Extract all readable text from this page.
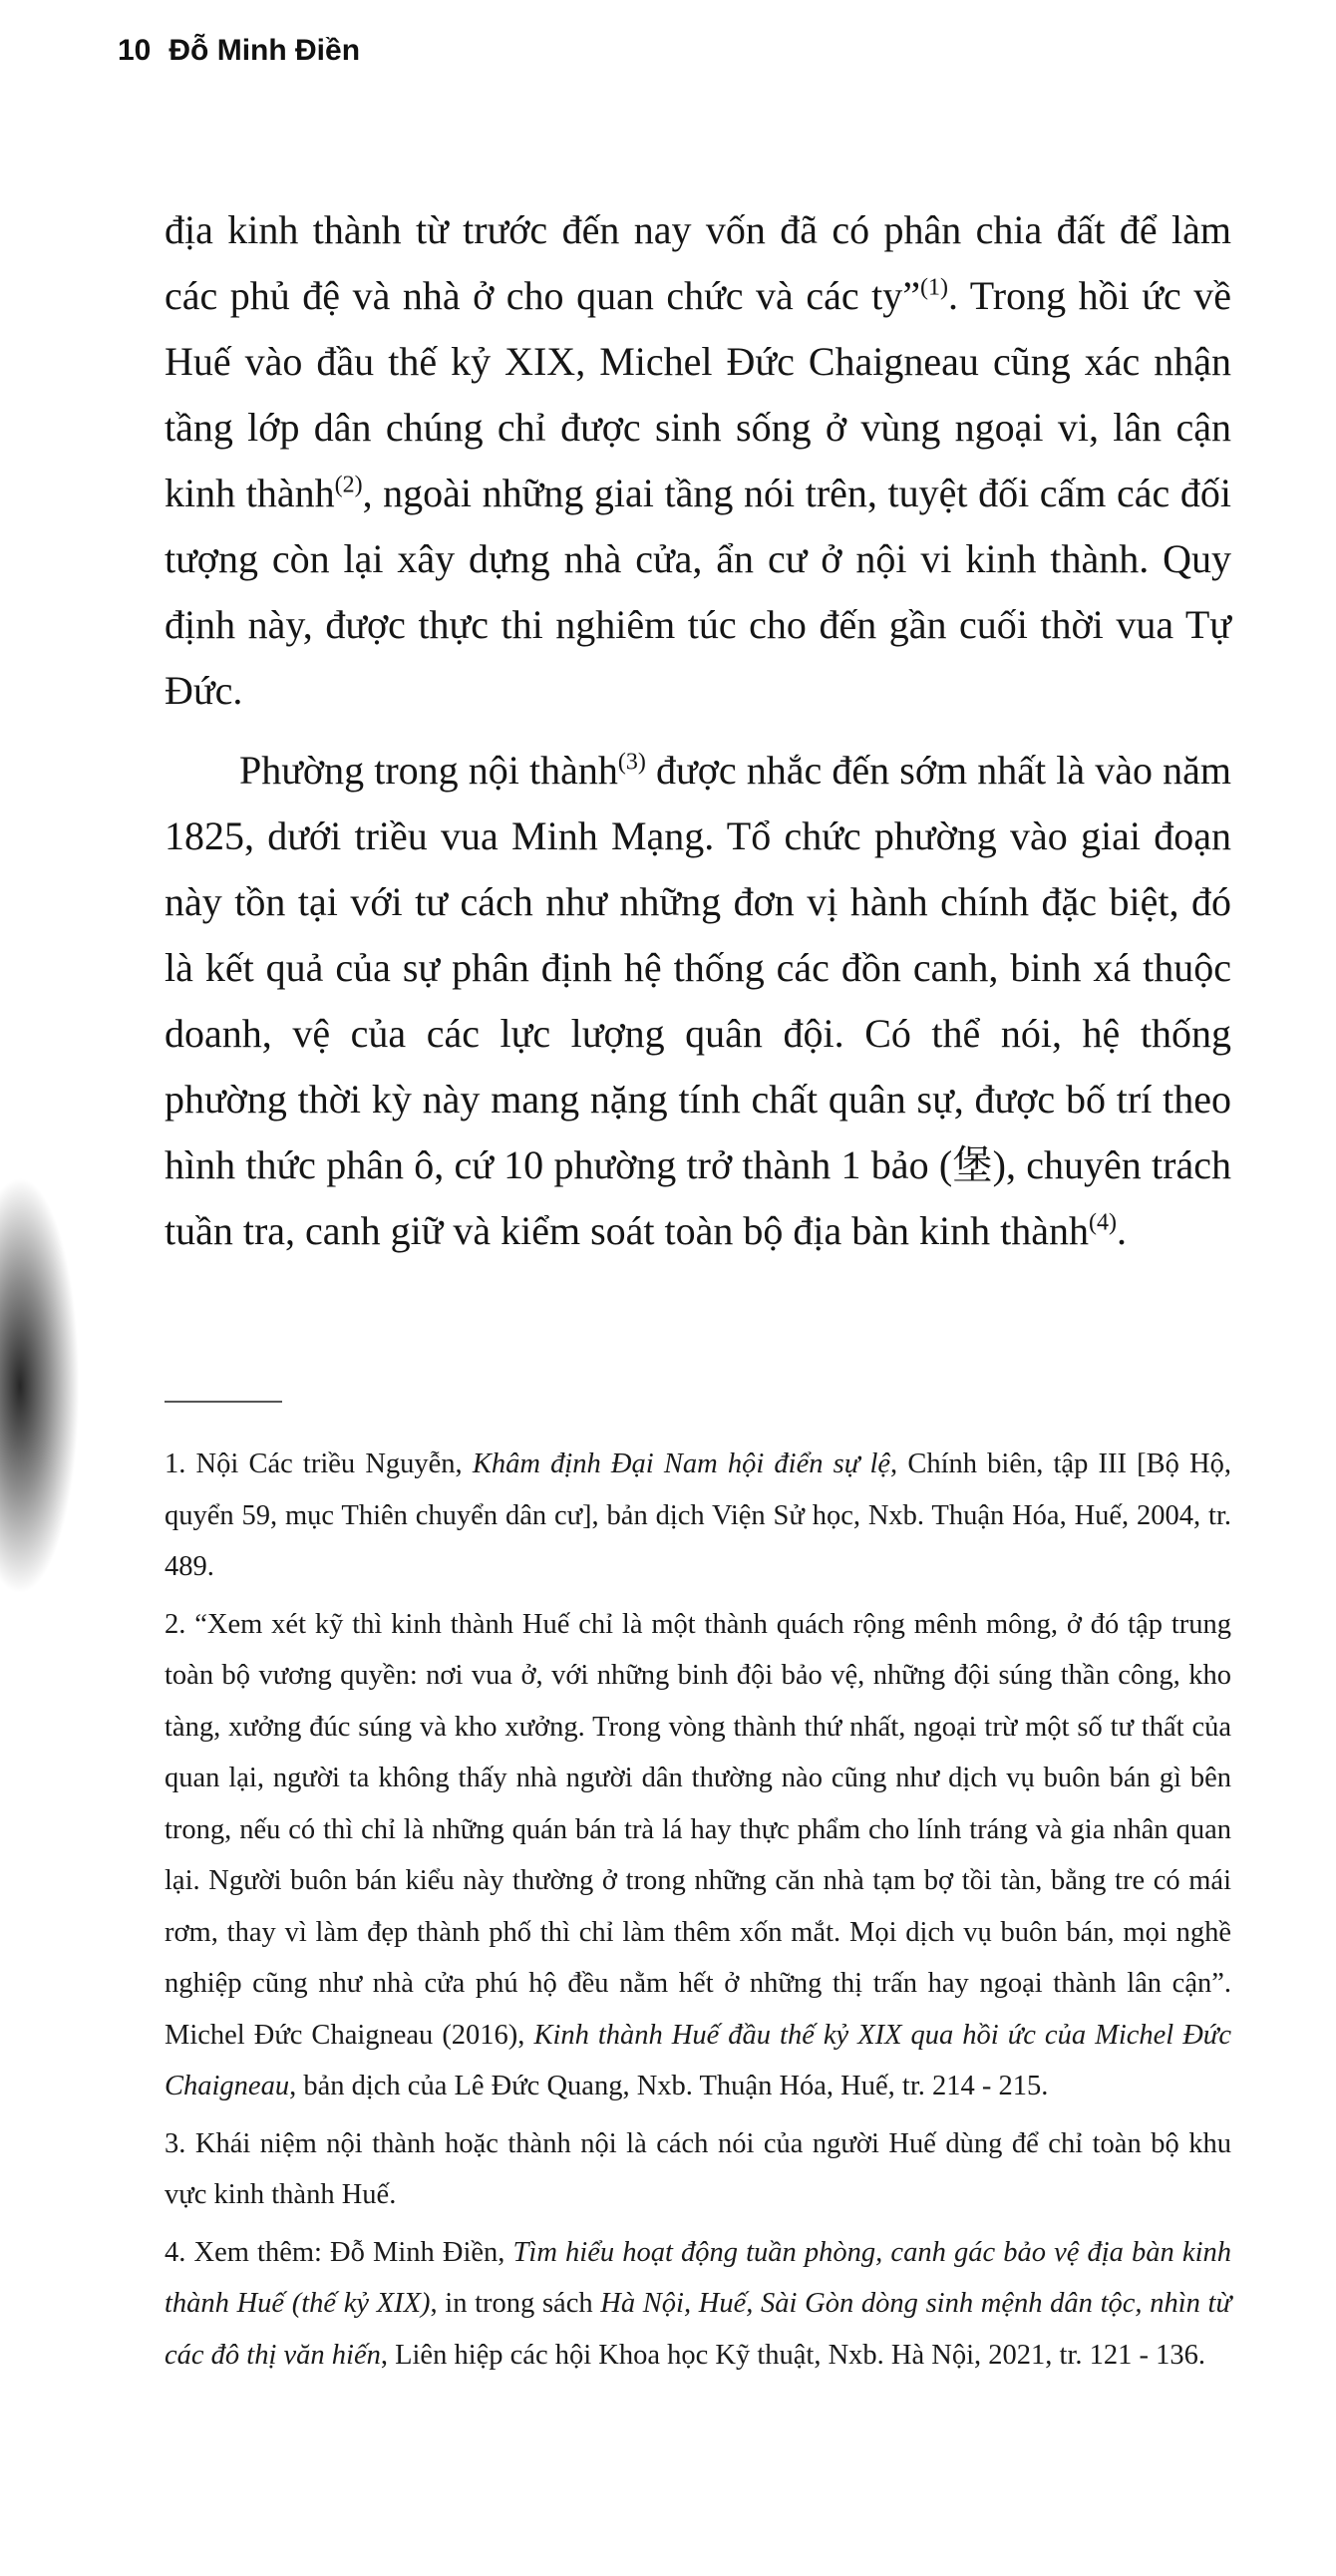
10 Đỗ Minh Điền

địa kinh thành từ trước đến nay vốn đã có phân chia đất để làm các phủ đệ và nhà ở cho quan chức và các ty”$^{(1)}$. Trong hồi ức về Huế vào đầu thế kỷ XIX, Michel Đức Chaigneau cũng xác nhận tầng lớp dân chúng chỉ được sinh sống ở vùng ngoại vi, lân cận kinh thành$^{(2)}$, ngoài những giai tầng nói trên, tuyệt đối cấm các đối tượng còn lại xây dựng nhà cửa, ẩn cư ở nội vi kinh thành. Quy định này, được thực thi nghiêm túc cho đến gần cuối thời vua Tự Đức.

Phường trong nội thành$^{(3)}$ được nhắc đến sớm nhất là vào năm 1825, dưới triều vua Minh Mạng. Tổ chức phường vào giai đoạn này tồn tại với tư cách như những đơn vị hành chính đặc biệt, đó là kết quả của sự phân định hệ thống các đồn canh, binh xá thuộc doanh, vệ của các lực lượng quân đội. Có thể nói, hệ thống phường thời kỳ này mang nặng tính chất quân sự, được bố trí theo hình thức phân ô, cứ 10 phường trở thành 1 bảo (堡), chuyên trách tuần tra, canh giữ và kiểm soát toàn bộ địa bàn kinh thành$^{(4)}$.

1. Nội Các triều Nguyễn, Khâm định Đại Nam hội điển sự lệ, Chính biên, tập III [Bộ Hộ, quyển 59, mục Thiên chuyển dân cư], bản dịch Viện Sử học, Nxb. Thuận Hóa, Huế, 2004, tr. 489.

2. “Xem xét kỹ thì kinh thành Huế chỉ là một thành quách rộng mênh mông, ở đó tập trung toàn bộ vương quyền: nơi vua ở, với những binh đội bảo vệ, những đội súng thần công, kho tàng, xưởng đúc súng và kho xưởng. Trong vòng thành thứ nhất, ngoại trừ một số tư thất của quan lại, người ta không thấy nhà người dân thường nào cũng như dịch vụ buôn bán gì bên trong, nếu có thì chỉ là những quán bán trà lá hay thực phẩm cho lính tráng và gia nhân quan lại. Người buôn bán kiểu này thường ở trong những căn nhà tạm bợ tồi tàn, bằng tre có mái rơm, thay vì làm đẹp thành phố thì chỉ làm thêm xốn mắt. Mọi dịch vụ buôn bán, mọi nghề nghiệp cũng như nhà cửa phú hộ đều nằm hết ở những thị trấn hay ngoại thành lân cận”. Michel Đức Chaigneau (2016), Kinh thành Huế đầu thế kỷ XIX qua hồi ức của Michel Đức Chaigneau, bản dịch của Lê Đức Quang, Nxb. Thuận Hóa, Huế, tr. 214 - 215.

3. Khái niệm nội thành hoặc thành nội là cách nói của người Huế dùng để chỉ toàn bộ khu vực kinh thành Huế.

4. Xem thêm: Đỗ Minh Điền, Tìm hiểu hoạt động tuần phòng, canh gác bảo vệ địa bàn kinh thành Huế (thế kỷ XIX), in trong sách Hà Nội, Huế, Sài Gòn dòng sinh mệnh dân tộc, nhìn từ các đô thị văn hiến, Liên hiệp các hội Khoa học Kỹ thuật, Nxb. Hà Nội, 2021, tr. 121 - 136.
